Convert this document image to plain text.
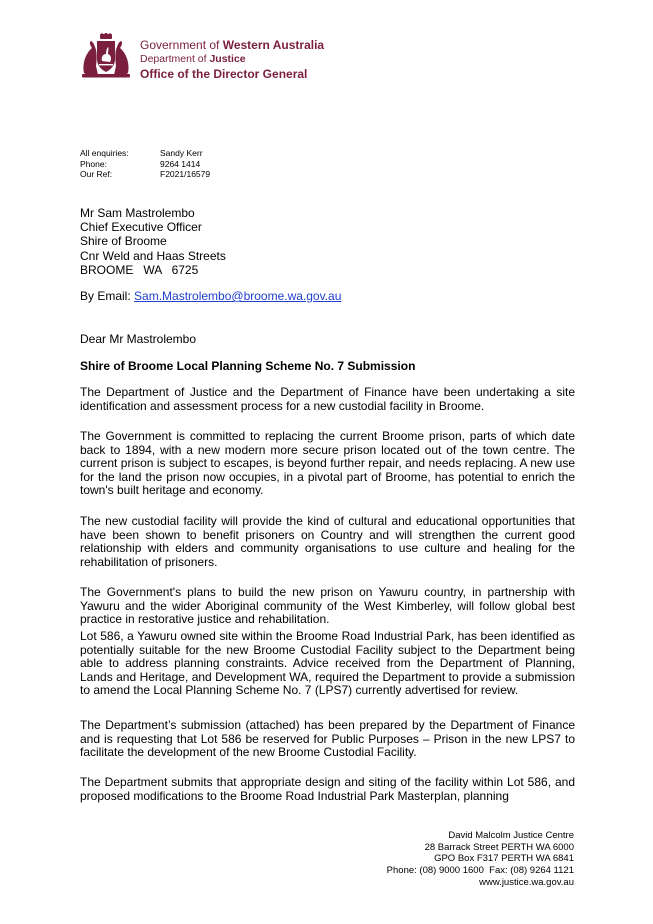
Government of Western Australia
Department of Justice
Office of the Director General
All enquiries:	Sandy Kerr
Phone:	9264 1414
Our Ref:	F2021/16579
Mr Sam Mastrolembo
Chief Executive Officer
Shire of Broome
Cnr Weld and Haas Streets
BROOME   WA   6725
By Email: Sam.Mastrolembo@broome.wa.gov.au
Dear Mr Mastrolembo
Shire of Broome Local Planning Scheme No. 7 Submission

The Department of Justice and the Department of Finance have been undertaking a site identification and assessment process for a new custodial facility in Broome.

The Government is committed to replacing the current Broome prison, parts of which date back to 1894, with a new modern more secure prison located out of the town centre. The current prison is subject to escapes, is beyond further repair, and needs replacing. A new use for the land the prison now occupies, in a pivotal part of Broome, has potential to enrich the town's built heritage and economy.

The new custodial facility will provide the kind of cultural and educational opportunities that have been shown to benefit prisoners on Country and will strengthen the current good relationship with elders and community organisations to use culture and healing for the rehabilitation of prisoners.

The Government's plans to build the new prison on Yawuru country, in partnership with Yawuru and the wider Aboriginal community of the West Kimberley, will follow global best practice in restorative justice and rehabilitation.

Lot 586, a Yawuru owned site within the Broome Road Industrial Park, has been identified as potentially suitable for the new Broome Custodial Facility subject to the Department being able to address planning constraints. Advice received from the Department of Planning, Lands and Heritage, and Development WA, required the Department to provide a submission to amend the Local Planning Scheme No. 7 (LPS7) currently advertised for review.

The Department’s submission (attached) has been prepared by the Department of Finance and is requesting that Lot 586 be reserved for Public Purposes – Prison in the new LPS7 to facilitate the development of the new Broome Custodial Facility.

The Department submits that appropriate design and siting of the facility within Lot 586, and proposed modifications to the Broome Road Industrial Park Masterplan, planning

David Malcolm Justice Centre
28 Barrack Street PERTH WA 6000
GPO Box F317 PERTH WA 6841
Phone: (08) 9000 1600  Fax: (08) 9264 1121
www.justice.wa.gov.au
